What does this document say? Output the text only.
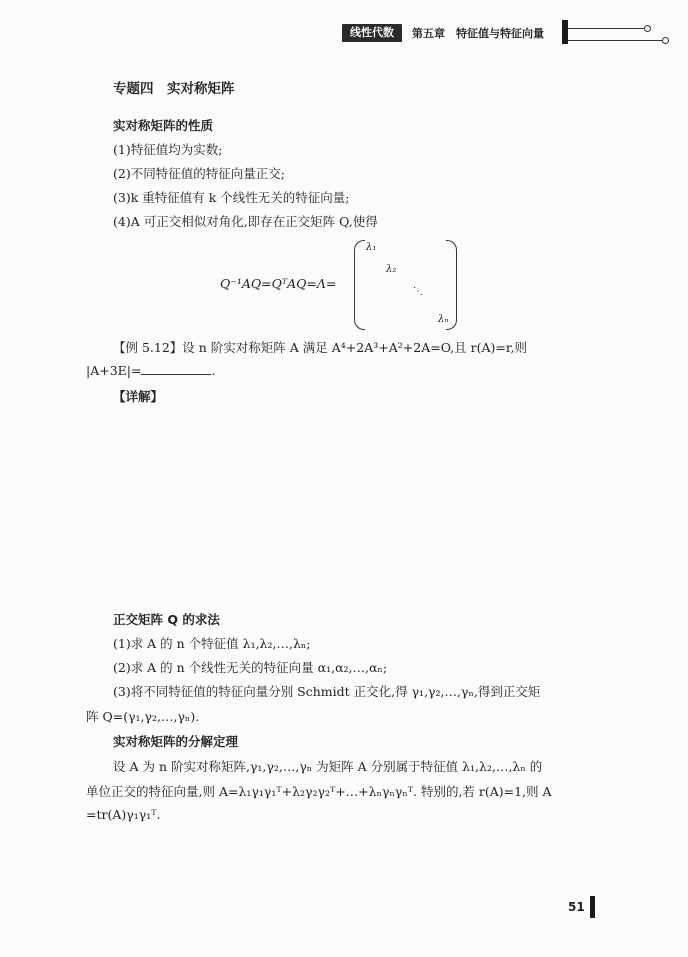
线性代数	第五章　特征值与特征向量
专题四　实对称矩阵
实对称矩阵的性质
(1)特征值均为实数;
(2)不同特征值的特征向量正交;
(3)k 重特征值有 k 个线性无关的特征向量;
(4)A 可正交相似对角化,即存在正交矩阵 Q,使得
Q⁻¹AQ=QᵀAQ=Λ=
λ₁
λ₂
⋱
λₙ
【例 5.12】设 n 阶实对称矩阵 A 满足 A⁴+2A³+A²+2A=O,且 r(A)=r,则
|A+3E|=	.
【详解】
正交矩阵 Q 的求法
(1)求 A 的 n 个特征值 λ₁,λ₂,…,λₙ;
(2)求 A 的 n 个线性无关的特征向量 α₁,α₂,…,αₙ;
(3)将不同特征值的特征向量分别 Schmidt 正交化,得 γ₁,γ₂,…,γₙ,得到正交矩
阵 Q=(γ₁,γ₂,…,γₙ).
实对称矩阵的分解定理
设 A 为 n 阶实对称矩阵,γ₁,γ₂,…,γₙ 为矩阵 A 分别属于特征值 λ₁,λ₂,…,λₙ 的
单位正交的特征向量,则 A=λ₁γ₁γ₁ᵀ+λ₂γ₂γ₂ᵀ+…+λₙγₙγₙᵀ. 特别的,若 r(A)=1,则 A
=tr(A)γ₁γ₁ᵀ.
51
